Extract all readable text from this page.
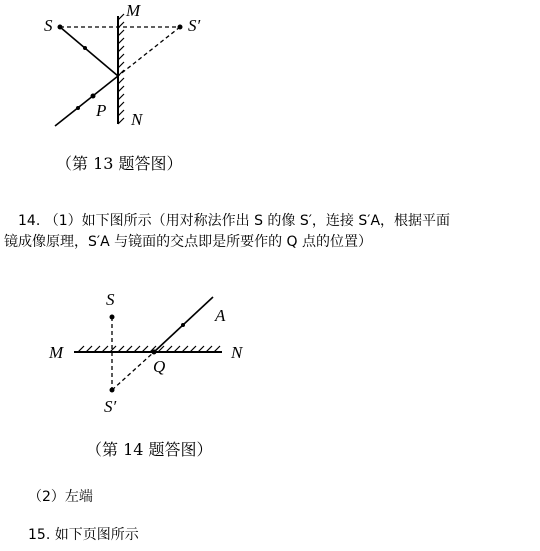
S
M
S′
P N
（第 13 题答图）
14. （1）如下图所示（用对称法作出 S 的像 S′，连接 S′A，根据平面
镜成像原理，S′A 与镜面的交点即是所要作的 Q 点的位置）
S
A
M	N
Q
S′
（第 14 题答图）
（2）左端
15. 如下页图所示
